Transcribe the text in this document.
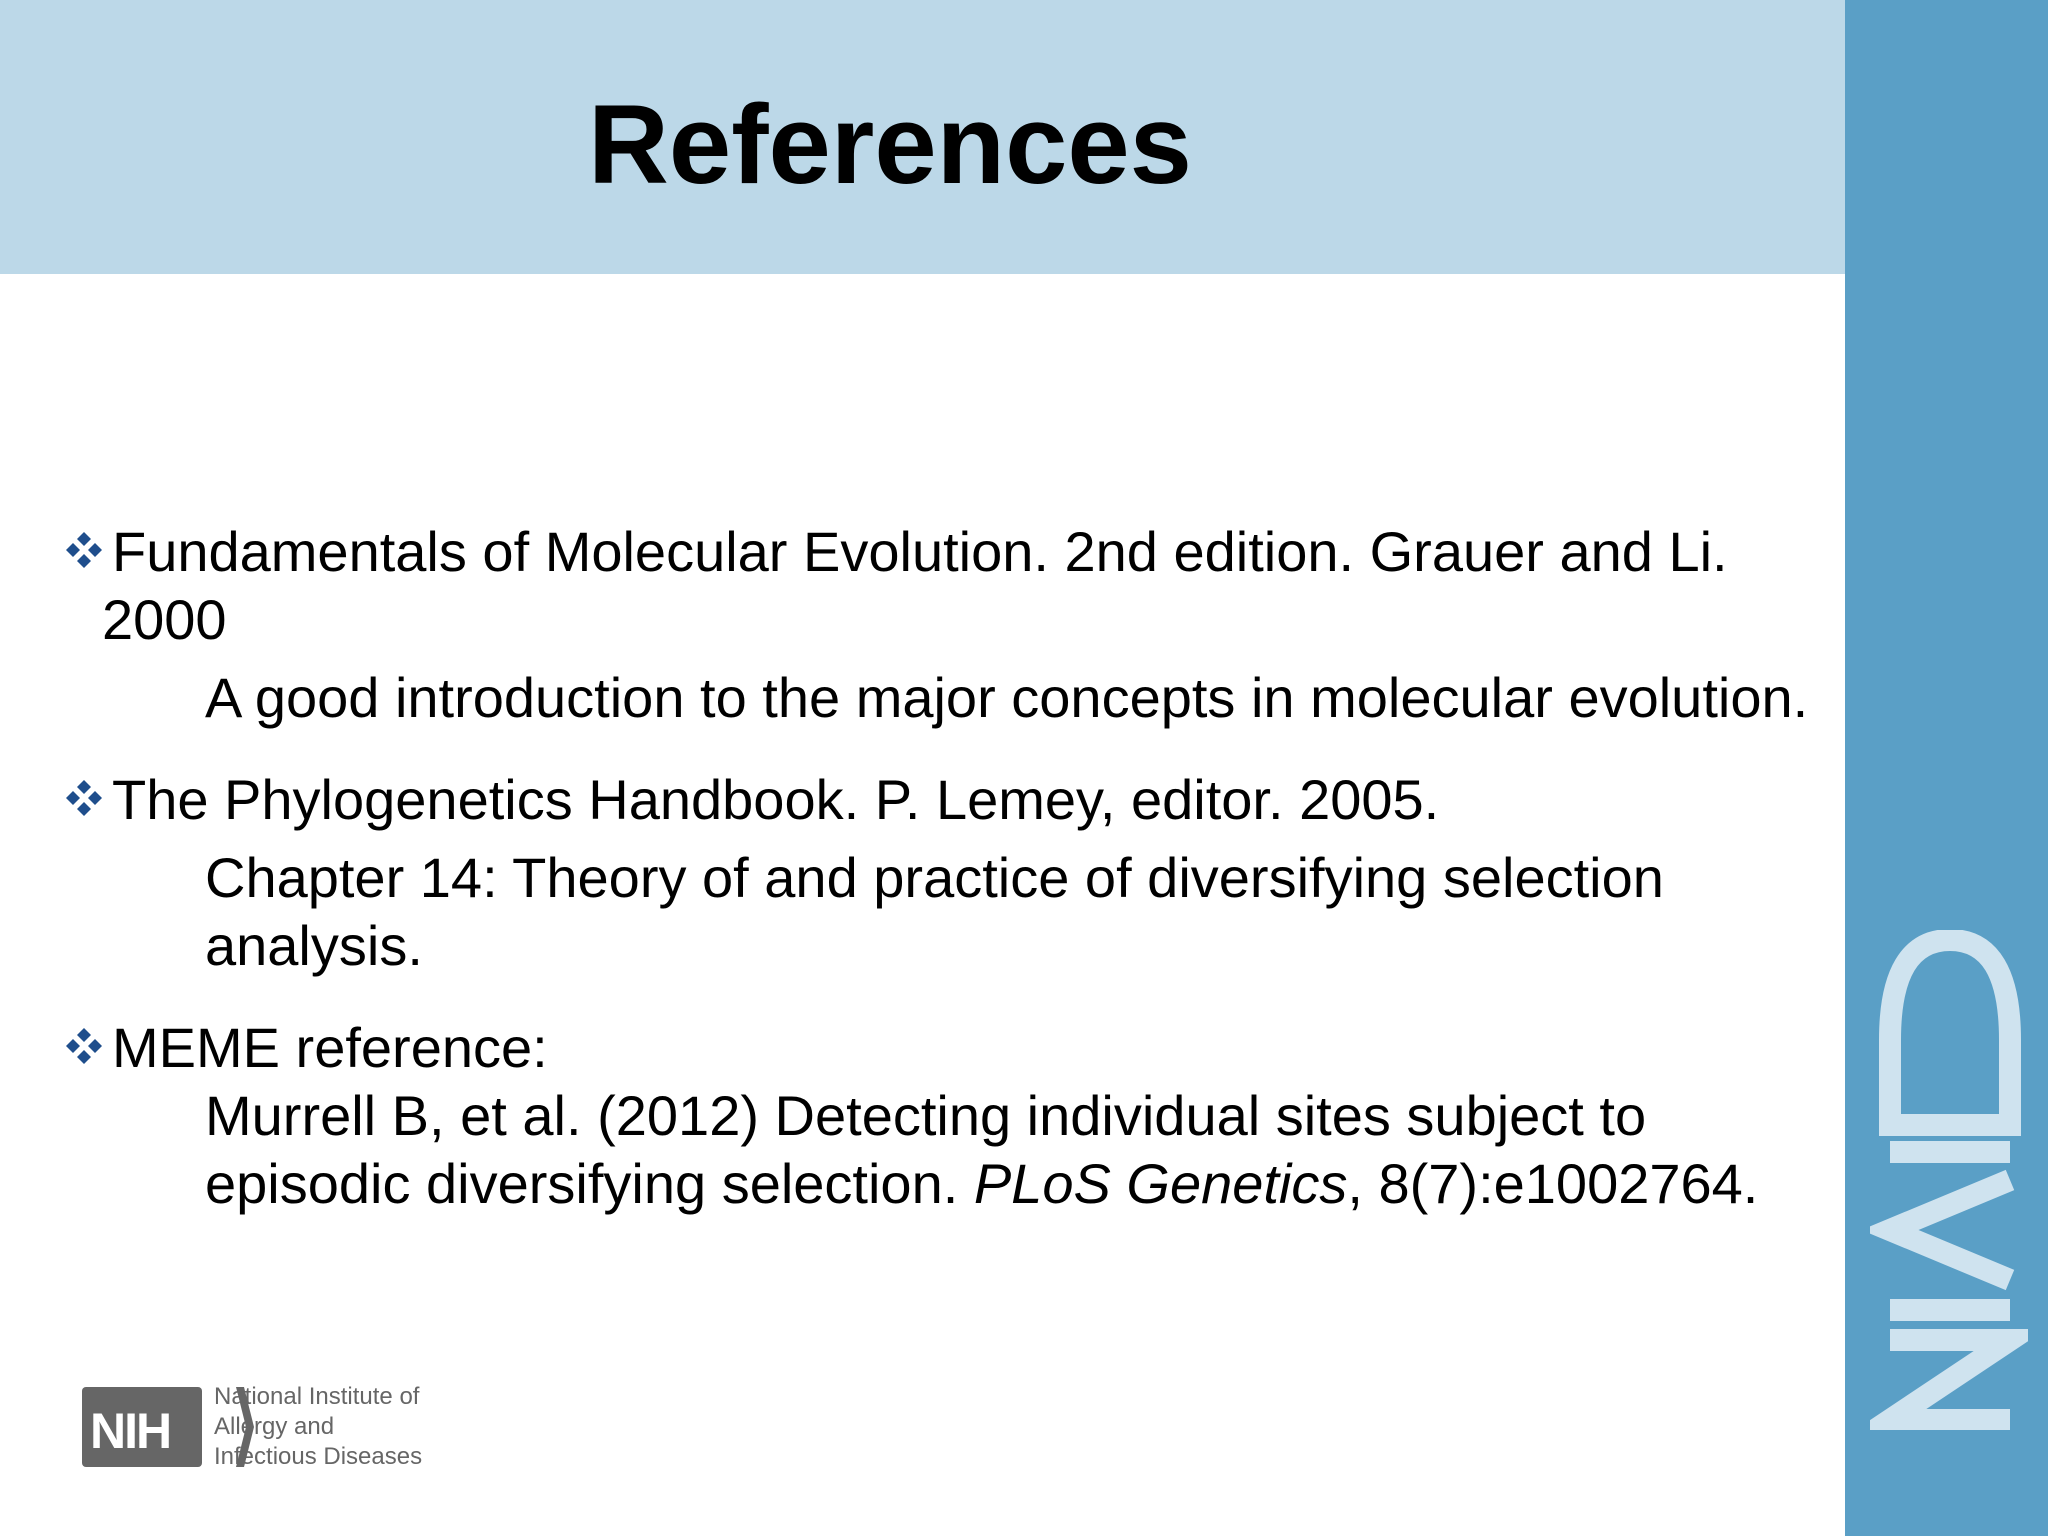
References

Fundamentals of Molecular Evolution. 2nd edition. Grauer and Li.
2000

A good introduction to the major concepts in molecular evolution.

The Phylogenetics Handbook. P. Lemey, editor. 2005.

Chapter 14: Theory of and practice of diversifying selection
analysis.

MEME reference:

Murrell B, et al. (2012) Detecting individual sites subject to
episodic diversifying selection. PLoS Genetics, 8(7):e1002764.
NIH
National Institute of
Allergy and
Infectious Diseases
